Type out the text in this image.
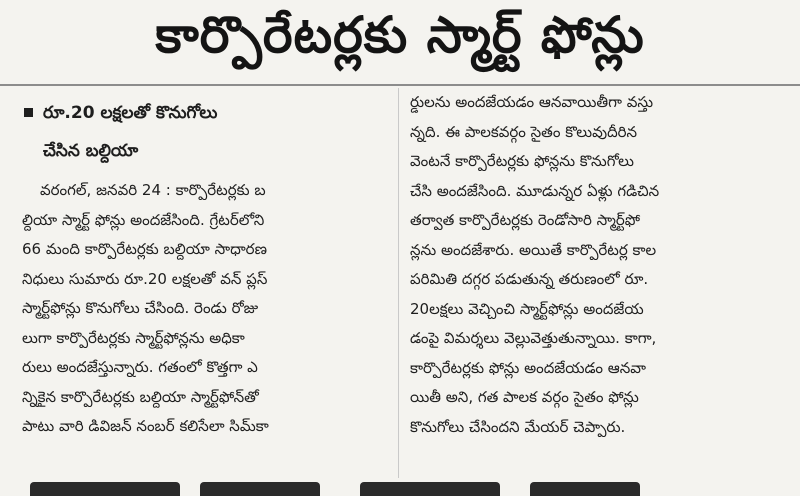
కార్పొరేటర్లకు స్మార్ట్ ఫోన్లు
రూ.20 లక్షలతో కొనుగోలు
చేసిన బల్దియా
వరంగల్, జనవరి 24 : కార్పొరేటర్లకు బ
ల్దియా స్మార్ట్ ఫోన్లు అందజేసింది. గ్రేటర్‌లోని
66 మంది కార్పొరేటర్లకు బల్దియా సాధారణ
నిధులు సుమారు రూ.20 లక్షలతో వన్ ప్లస్
స్మార్ట్‌ఫోన్లు కొనుగోలు చేసింది. రెండు రోజు
లుగా కార్పొరేటర్లకు స్మార్ట్‌ఫోన్లను అధికా
రులు అందజేస్తున్నారు. గతంలో కొత్తగా ఎ
న్నికైన కార్పొరేటర్లకు బల్దియా స్మార్ట్‌ఫోన్‌తో
పాటు వారి డివిజన్ నంబర్ కలిసేలా సిమ్‌కా
ర్డులను అందజేయడం ఆనవాయితీగా వస్తు
న్నది. ఈ పాలకవర్గం సైతం కొలువుదీరిన
వెంటనే కార్పొరేటర్లకు ఫోన్లను కొనుగోలు
చేసి అందజేసింది. మూడున్నర ఏళ్లు గడిచిన
తర్వాత కార్పొరేటర్లకు రెండోసారి స్మార్ట్‌ఫో
న్లను అందజేశారు. అయితే కార్పొరేటర్ల కాల
పరిమితి దగ్గర పడుతున్న తరుణంలో రూ.
20లక్షలు వెచ్చించి స్మార్ట్‌ఫోన్లు అందజేయ
డంపై విమర్శలు వెల్లువెత్తుతున్నాయి. కాగా,
కార్పొరేటర్లకు ఫోన్లు అందజేయడం ఆనవా
యితీ అని, గత పాలక వర్గం సైతం ఫోన్లు
కొనుగోలు చేసిందని మేయర్ చెప్పారు.
